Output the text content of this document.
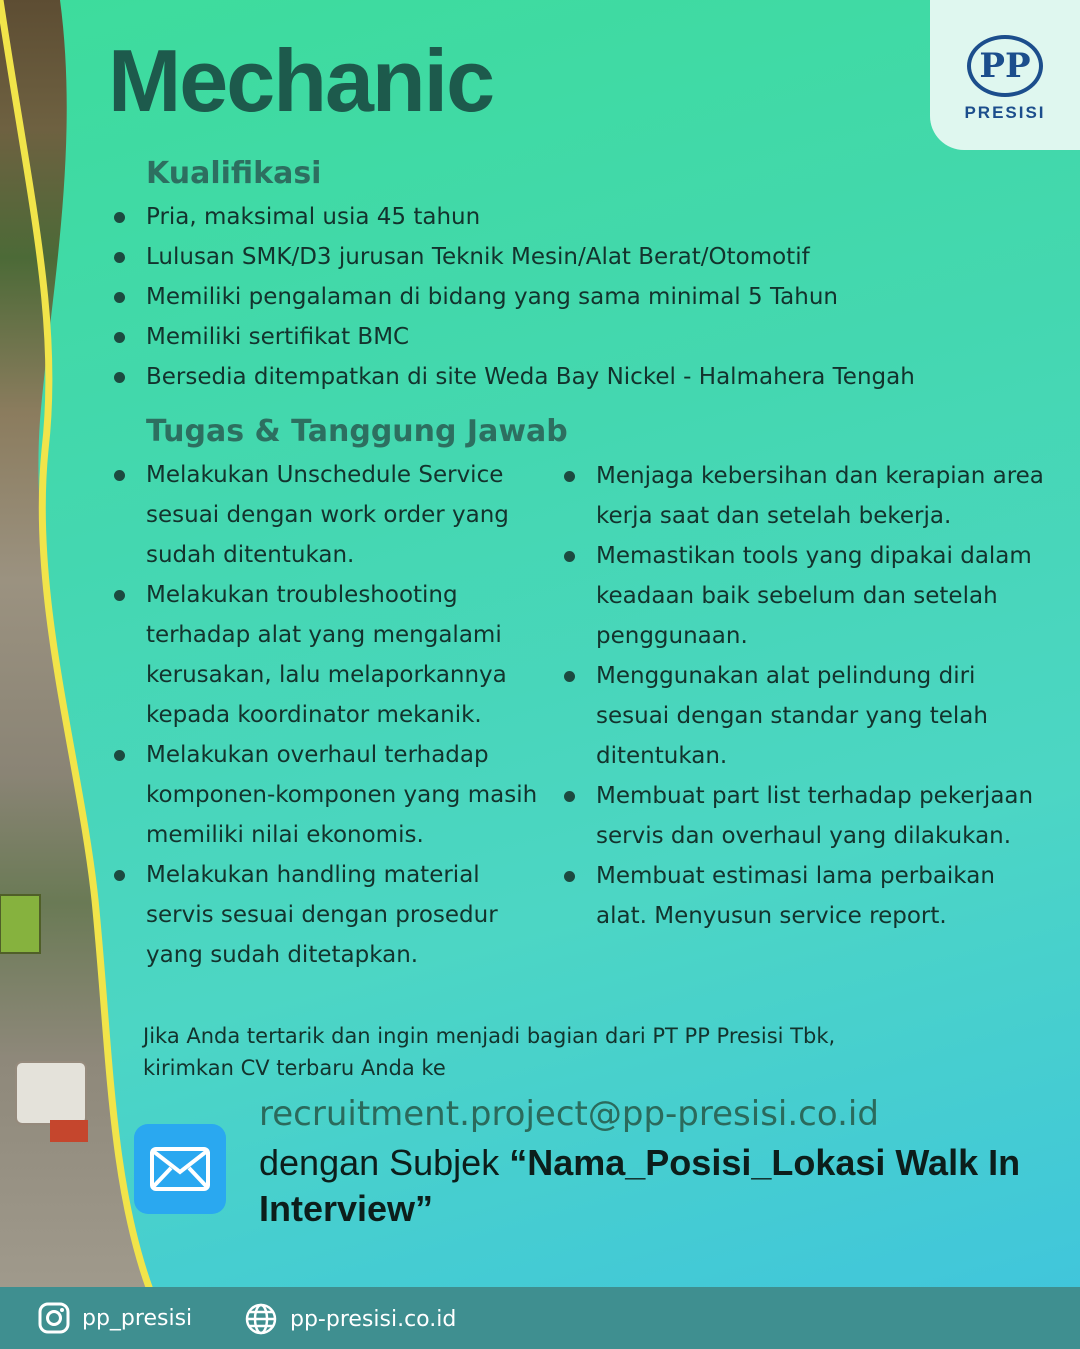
PP
PRESISI
Mechanic
Kualifikasi
Pria, maksimal usia 45 tahun
Lulusan SMK/D3 jurusan Teknik Mesin/Alat Berat/Otomotif
Memiliki pengalaman di bidang yang sama minimal 5 Tahun
Memiliki sertifikat BMC
Bersedia ditempatkan di site Weda Bay Nickel - Halmahera Tengah
Tugas & Tanggung Jawab
Melakukan Unschedule Service sesuai dengan work order yang sudah ditentukan.
Melakukan troubleshooting terhadap alat yang mengalami kerusakan, lalu melaporkannya kepada koordinator mekanik.
Melakukan overhaul terhadap komponen-komponen yang masih memiliki nilai ekonomis.
Melakukan handling material servis sesuai dengan prosedur yang sudah ditetapkan.
Menjaga kebersihan dan kerapian area kerja saat dan setelah bekerja.
Memastikan tools yang dipakai dalam keadaan baik sebelum dan setelah penggunaan.
Menggunakan alat pelindung diri sesuai dengan standar yang telah ditentukan.
Membuat part list terhadap pekerjaan servis dan overhaul yang dilakukan.
Membuat estimasi lama perbaikan alat. Menyusun service report.
Jika Anda tertarik dan ingin menjadi bagian dari PT PP Presisi Tbk,
kirimkan CV terbaru Anda ke
recruitment.project@pp-presisi.co.id
dengan Subjek “Nama_Posisi_Lokasi Walk In Interview”
pp_presisi	pp-presisi.co.id
